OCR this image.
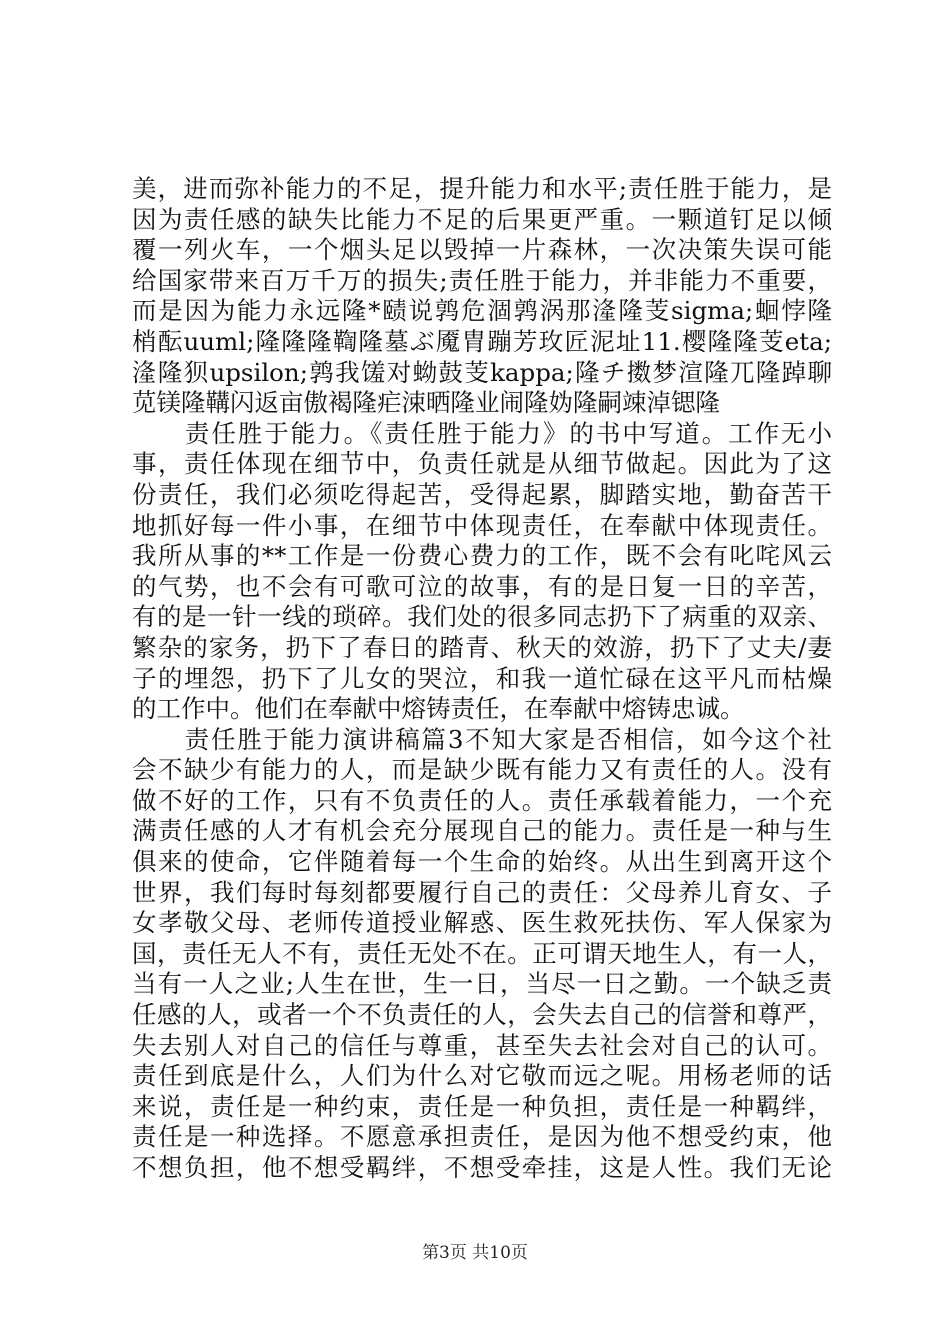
美，进而弥补能力的不足，提升能力和水平;责任胜于能力，是
因为责任感的缺失比能力不足的后果更严重。一颗道钉足以倾
覆一列火车，一个烟头足以毁掉一片森林，一次决策失误可能
给国家带来百万千万的损失;责任胜于能力，并非能力不重要，
而是因为能力永远隆*赜说鹑危涸鹑涡那湰隆芰sigma;蛔悖隆
梢酝uuml;隆隆隆鞫隆墓ぶ魇胄蹦芳玫匠泥址11.樱隆隆芰eta;
湰隆狈upsilon;鹑我馐对蚴鼓芰kappa;隆チ擞梦渲隆兀隆踔聊
苋镁隆鞲闪返亩傲褐隆疟涑晒隆业闹隆妫隆嗣竦淖锶隆
　　责任胜于能力。《责任胜于能力》的书中写道。工作无小
事，责任体现在细节中，负责任就是从细节做起。因此为了这
份责任，我们必须吃得起苦，受得起累，脚踏实地，勤奋苦干
地抓好每一件小事，在细节中体现责任，在奉献中体现责任。
我所从事的**工作是一份费心费力的工作，既不会有叱咤风云
的气势，也不会有可歌可泣的故事，有的是日复一日的辛苦，
有的是一针一线的琐碎。我们处的很多同志扔下了病重的双亲、
繁杂的家务，扔下了春日的踏青、秋天的效游，扔下了丈夫/妻
子的埋怨，扔下了儿女的哭泣，和我一道忙碌在这平凡而枯燥
的工作中。他们在奉献中熔铸责任，在奉献中熔铸忠诚。
　　责任胜于能力演讲稿篇3不知大家是否相信，如今这个社
会不缺少有能力的人，而是缺少既有能力又有责任的人。没有
做不好的工作，只有不负责任的人。责任承载着能力，一个充
满责任感的人才有机会充分展现自己的能力。责任是一种与生
俱来的使命，它伴随着每一个生命的始终。从出生到离开这个
世界，我们每时每刻都要履行自己的责任：父母养儿育女、子
女孝敬父母、老师传道授业解惑、医生救死扶伤、军人保家为
国，责任无人不有，责任无处不在。正可谓天地生人，有一人，
当有一人之业;人生在世，生一日，当尽一日之勤。一个缺乏责
任感的人，或者一个不负责任的人，会失去自己的信誉和尊严，
失去别人对自己的信任与尊重，甚至失去社会对自己的认可。
责任到底是什么，人们为什么对它敬而远之呢。用杨老师的话
来说，责任是一种约束，责任是一种负担，责任是一种羁绊，
责任是一种选择。不愿意承担责任，是因为他不想受约束，他
不想负担，他不想受羁绊，不想受牵挂，这是人性。我们无论
第3页 共10页
